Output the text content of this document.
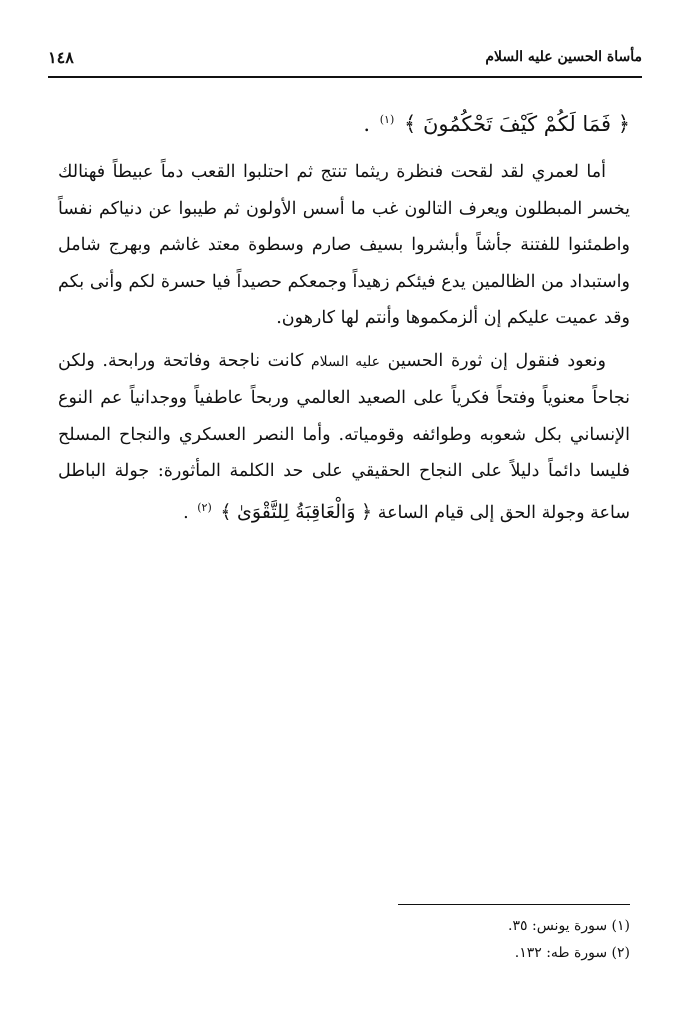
مأساة الحسين عليه السلام
١٤٨

﴿ فَمَا لَكُمْ كَيْفَ تَحْكُمُونَ ﴾ $^{(١)}$ .

أما لعمري لقد لقحت فنظرة ريثما تنتج ثم احتلبوا القعب دماً عبيطاً فهنالك يخسر المبطلون ويعرف التالون غب ما أسس الأولون ثم طيبوا عن دنياكم نفساً واطمئنوا للفتنة جأشاً وأبشروا بسيف صارم وسطوة معتد غاشم وبهرج شامل واستبداد من الظالمين يدع فيئكم زهيداً وجمعكم حصيداً فيا حسرة لكم وأنى بكم وقد عميت عليكم إن ألزمكموها وأنتم لها كارهون.

ونعود فنقول إن ثورة الحسين عليه السلام كانت ناجحة وفاتحة ورابحة. ولكن نجاحاً معنوياً وفتحاً فكرياً على الصعيد العالمي وربحاً عاطفياً ووجدانياً عم النوع الإنساني بكل شعوبه وطوائفه وقومياته. وأما النصر العسكري والنجاح المسلح فليسا دائماً دليلاً على النجاح الحقيقي على حد الكلمة المأثورة: جولة الباطل ساعة وجولة الحق إلى قيام الساعة ﴿ وَالْعَاقِبَةُ لِلتَّقْوَىٰ ﴾ $^{(٢)}$ .

(١) سورة يونس: ٣٥.
(٢) سورة طه: ١٣٢.
